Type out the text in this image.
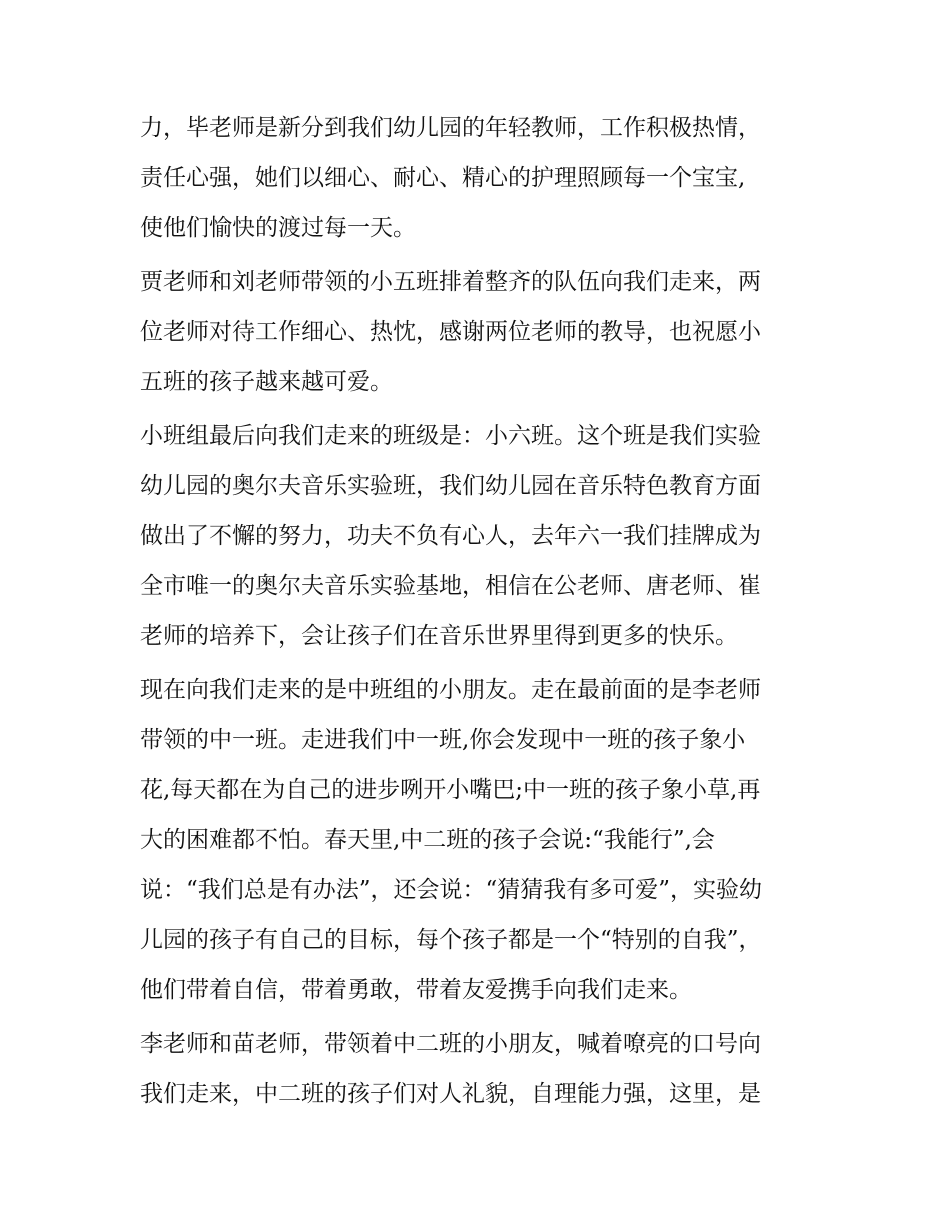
力，毕老师是新分到我们幼儿园的年轻教师，工作积极热情，
责任心强，她们以细心、耐心、精心的护理照顾每一个宝宝,
使他们愉快的渡过每一天。
贾老师和刘老师带领的小五班排着整齐的队伍向我们走来，两
位老师对待工作细心、热忱，感谢两位老师的教导，也祝愿小
五班的孩子越来越可爱。
小班组最后向我们走来的班级是：小六班。这个班是我们实验
幼儿园的奥尔夫音乐实验班，我们幼儿园在音乐特色教育方面
做出了不懈的努力，功夫不负有心人，去年六一我们挂牌成为
全市唯一的奥尔夫音乐实验基地，相信在公老师、唐老师、崔
老师的培养下，会让孩子们在音乐世界里得到更多的快乐。
现在向我们走来的是中班组的小朋友。走在最前面的是李老师
带领的中一班。走进我们中一班,你会发现中一班的孩子象小
花,每天都在为自己的进步咧开小嘴巴;中一班的孩子象小草,再
大的困难都不怕。春天里,中二班的孩子会说:“我能行”,会
说：“我们总是有办法”，还会说：“猜猜我有多可爱”，实验幼
儿园的孩子有自己的目标，每个孩子都是一个“特别的自我”，
他们带着自信，带着勇敢，带着友爱携手向我们走来。
李老师和苗老师，带领着中二班的小朋友，喊着嘹亮的口号向
我们走来，中二班的孩子们对人礼貌，自理能力强，这里，是
